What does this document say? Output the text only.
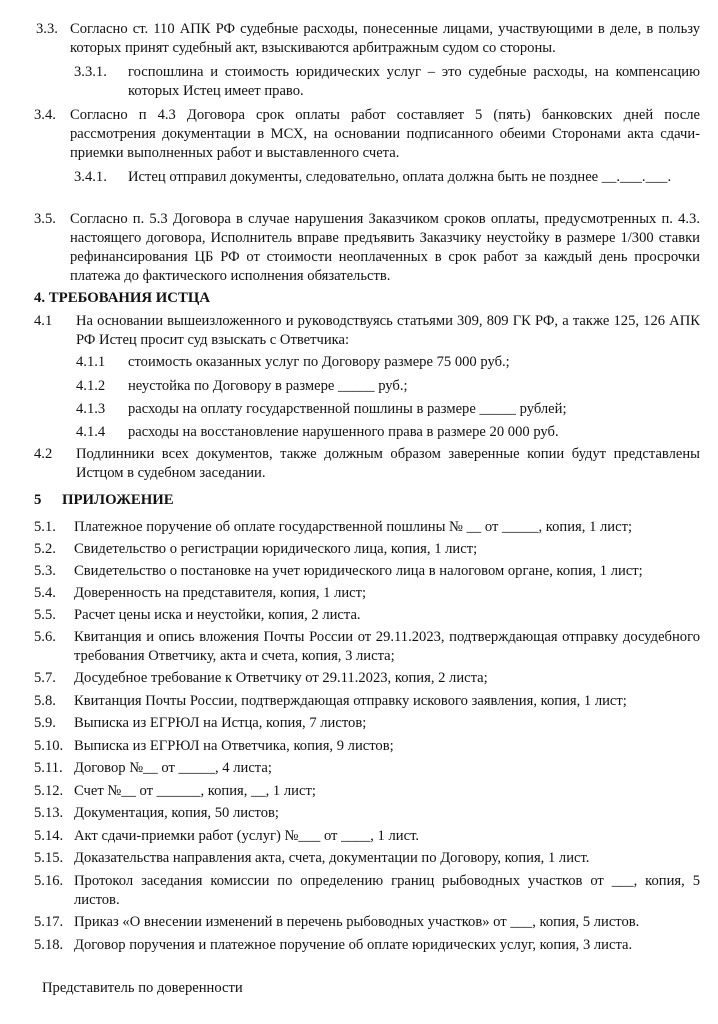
3.3. Согласно ст. 110 АПК РФ судебные расходы, понесенные лицами, участвующими в деле, в пользу которых принят судебный акт, взыскиваются арбитражным судом со стороны.
3.3.1. госпошлина и стоимость юридических услуг – это судебные расходы, на компенсацию которых Истец имеет право.
3.4. Согласно п 4.3 Договора срок оплаты работ составляет 5 (пять) банковских дней после рассмотрения документации в МСХ, на основании подписанного обеими Сторонами акта сдачи-приемки выполненных работ и выставленного счета.
3.4.1. Истец отправил документы, следовательно, оплата должна быть не позднее __.___.___.
3.5. Согласно п. 5.3 Договора в случае нарушения Заказчиком сроков оплаты, предусмотренных п. 4.3. настоящего договора, Исполнитель вправе предъявить Заказчику неустойку в размере 1/300 ставки рефинансирования ЦБ РФ от стоимости неоплаченных в срок работ за каждый день просрочки платежа до фактического исполнения обязательств.

4. ТРЕБОВАНИЯ ИСТЦА

4.1 На основании вышеизложенного и руководствуясь статьями 309, 809 ГК РФ, а также 125, 126 АПК РФ Истец просит суд взыскать с Ответчика:
4.1.1 стоимость оказанных услуг по Договору размере 75 000 руб.;
4.1.2 неустойка по Договору в размере _____ руб.;
4.1.3 расходы на оплату государственной пошлины в размере _____ рублей;
4.1.4 расходы на восстановление нарушенного права в размере 20 000 руб.
4.2 Подлинники всех документов, также должным образом заверенные копии будут представлены Истцом в судебном заседании.

5 ПРИЛОЖЕНИЕ

5.1. Платежное поручение об оплате государственной пошлины № __ от _____, копия, 1 лист;
5.2. Свидетельство о регистрации юридического лица, копия, 1 лист;
5.3. Свидетельство о постановке на учет юридического лица в налоговом органе, копия, 1 лист;
5.4. Доверенность на представителя, копия, 1 лист;
5.5. Расчет цены иска и неустойки, копия, 2 листа.
5.6. Квитанция и опись вложения Почты России от 29.11.2023, подтверждающая отправку досудебного требования Ответчику, акта и счета, копия, 3 листа;
5.7. Досудебное требование к Ответчику от 29.11.2023, копия, 2 листа;
5.8. Квитанция Почты России, подтверждающая отправку искового заявления, копия, 1 лист;
5.9. Выписка из ЕГРЮЛ на Истца, копия, 7 листов;
5.10. Выписка из ЕГРЮЛ на Ответчика, копия, 9 листов;
5.11. Договор №__ от _____, 4 листа;
5.12. Счет №__ от ______, копия, __, 1 лист;
5.13. Документация, копия, 50 листов;
5.14. Акт сдачи-приемки работ (услуг) №___ от ____, 1 лист.
5.15. Доказательства направления акта, счета, документации по Договору, копия, 1 лист.
5.16. Протокол заседания комиссии по определению границ рыбоводных участков от ___, копия, 5 листов.
5.17. Приказ «О внесении изменений в перечень рыбоводных участков» от ___, копия, 5 листов.
5.18. Договор поручения и платежное поручение об оплате юридических услуг, копия, 3 листа.

Представитель по доверенности
